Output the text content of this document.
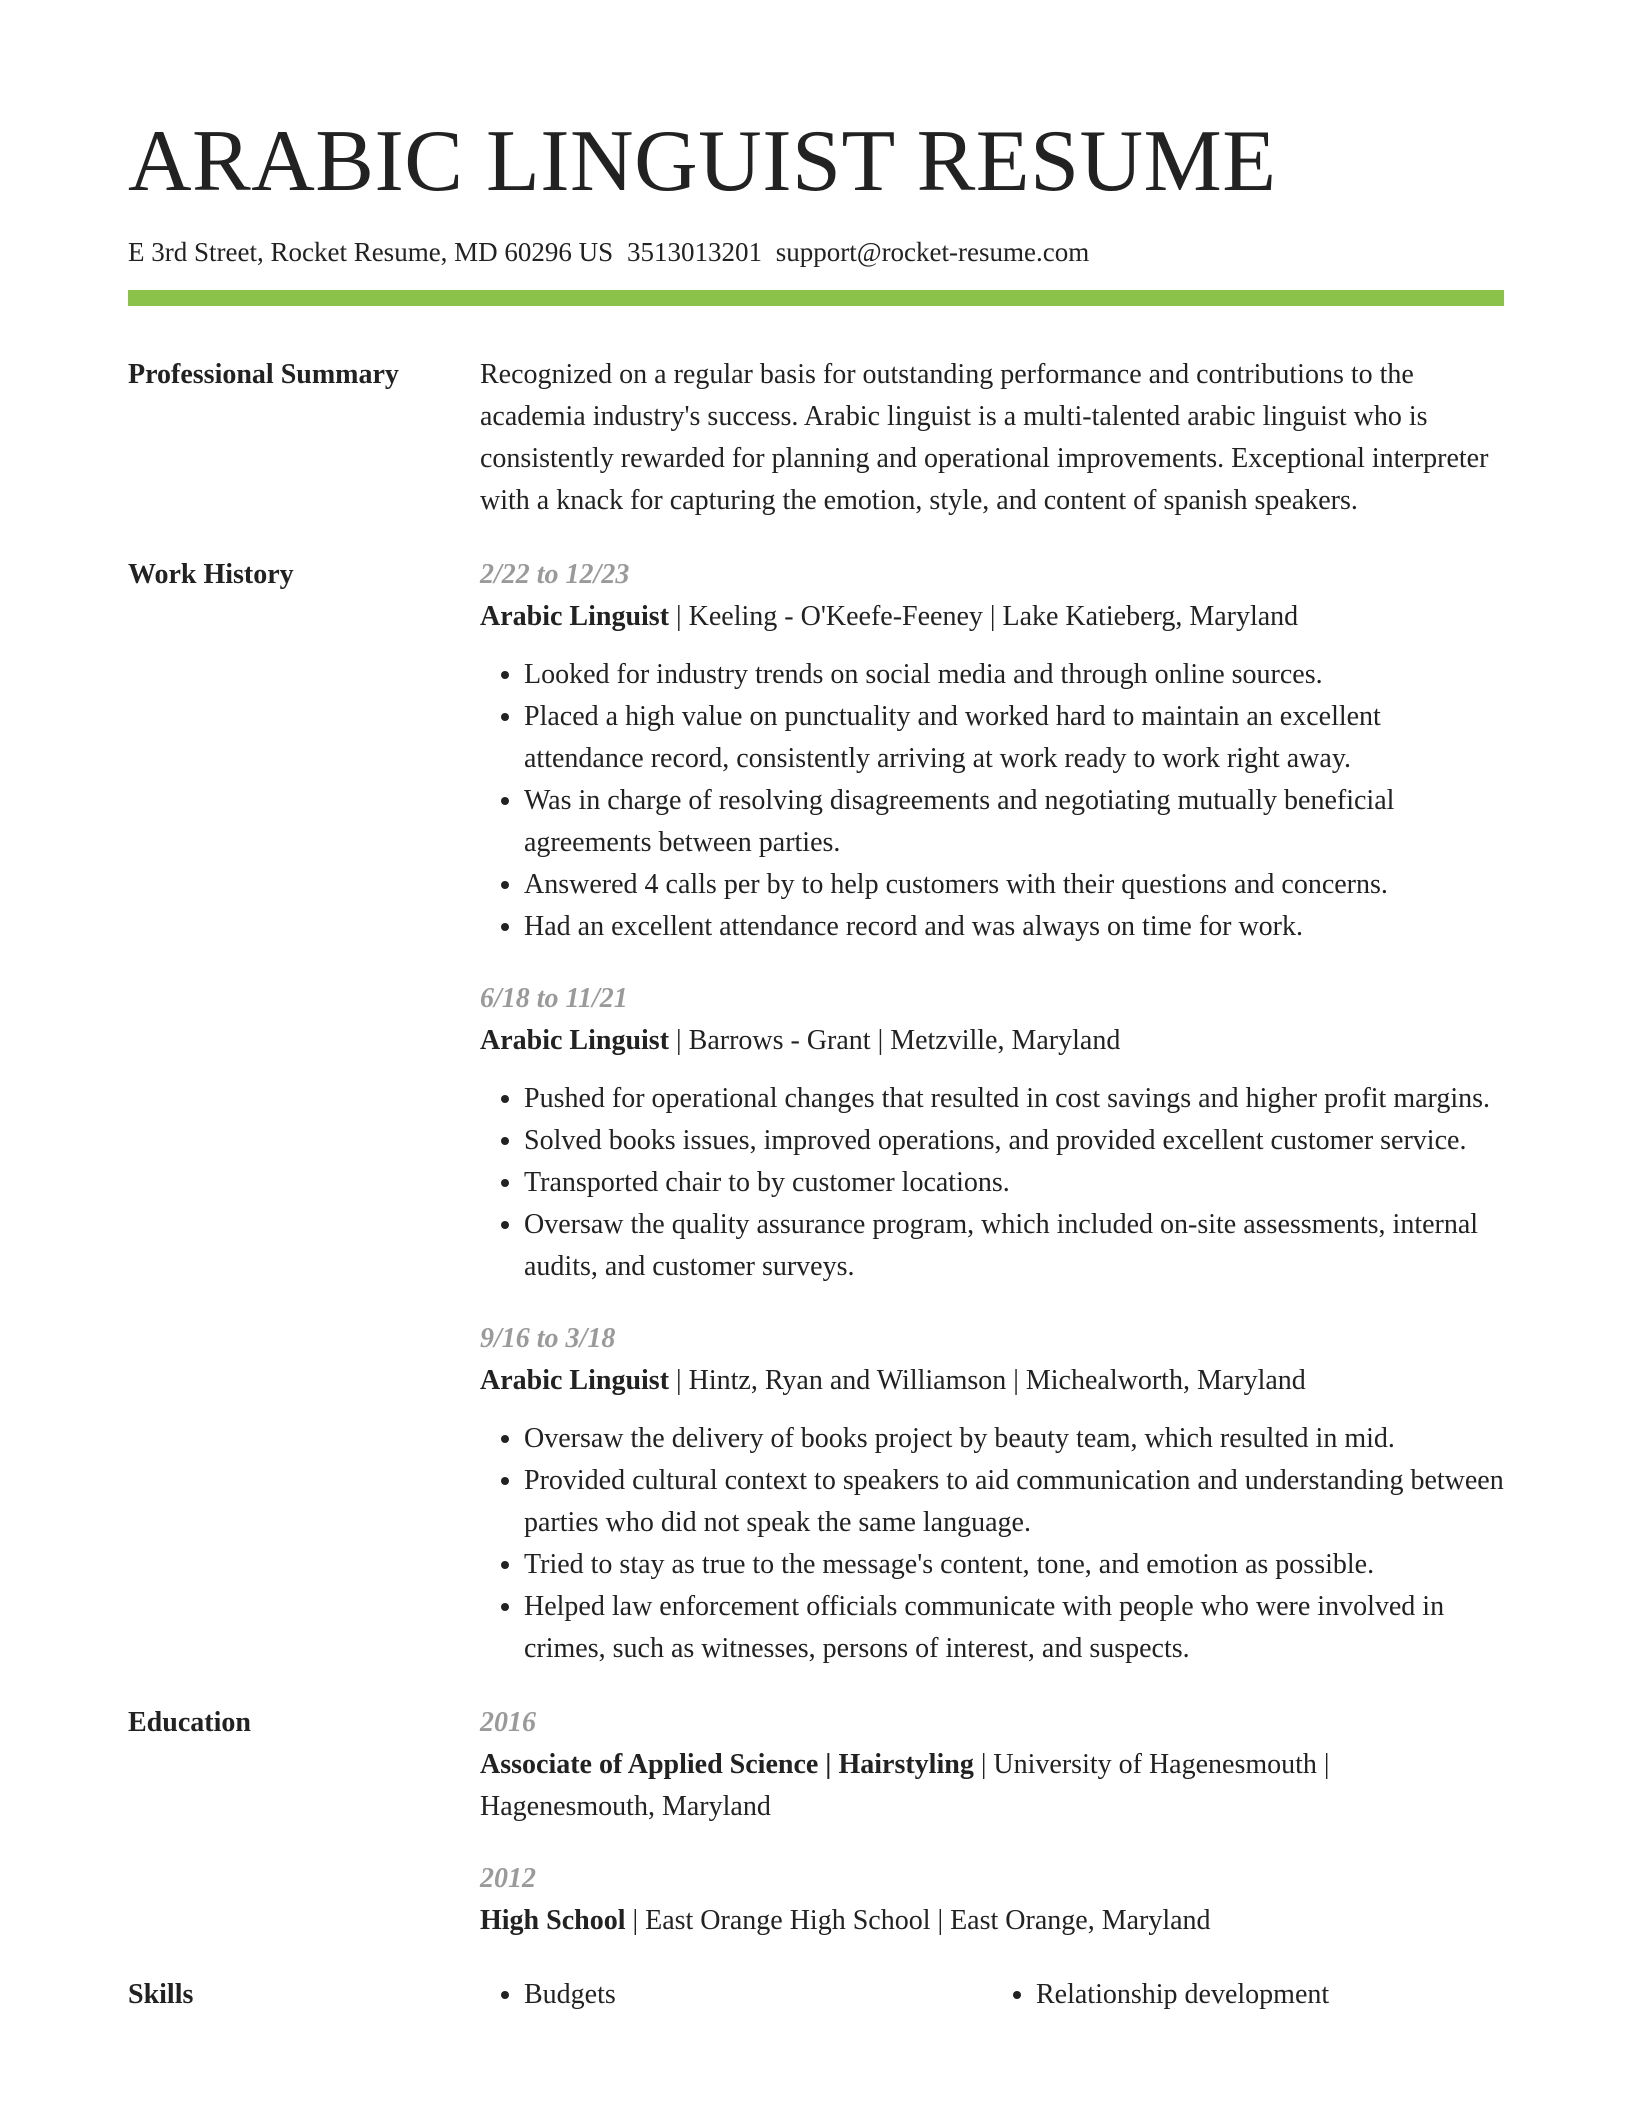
ARABIC LINGUIST RESUME
E 3rd Street, Rocket Resume, MD 60296 US 3513013201 support@rocket-resume.com
Professional Summary	Recognized on a regular basis for outstanding performance and contributions to the academia industry's success. Arabic linguist is a multi-talented arabic linguist who is consistently rewarded for planning and operational improvements. Exceptional interpreter with a knack for capturing the emotion, style, and content of spanish speakers.

Work History	2/22 to 12/23
Arabic Linguist | Keeling - O'Keefe-Feeney | Lake Katieberg, Maryland
• Looked for industry trends on social media and through online sources.
• Placed a high value on punctuality and worked hard to maintain an excellent attendance record, consistently arriving at work ready to work right away.
• Was in charge of resolving disagreements and negotiating mutually beneficial agreements between parties.
• Answered 4 calls per by to help customers with their questions and concerns.
• Had an excellent attendance record and was always on time for work.
6/18 to 11/21
Arabic Linguist | Barrows - Grant | Metzville, Maryland
• Pushed for operational changes that resulted in cost savings and higher profit margins.
• Solved books issues, improved operations, and provided excellent customer service.
• Transported chair to by customer locations.
• Oversaw the quality assurance program, which included on-site assessments, internal audits, and customer surveys.
9/16 to 3/18
Arabic Linguist | Hintz, Ryan and Williamson | Michealworth, Maryland
• Oversaw the delivery of books project by beauty team, which resulted in mid.
• Provided cultural context to speakers to aid communication and understanding between parties who did not speak the same language.
• Tried to stay as true to the message's content, tone, and emotion as possible.
• Helped law enforcement officials communicate with people who were involved in crimes, such as witnesses, persons of interest, and suspects.
Education	2016
Associate of Applied Science | Hairstyling | University of Hagenesmouth | Hagenesmouth, Maryland
2012
High School | East Orange High School | East Orange, Maryland
Skills	• Budgets	• Relationship development
